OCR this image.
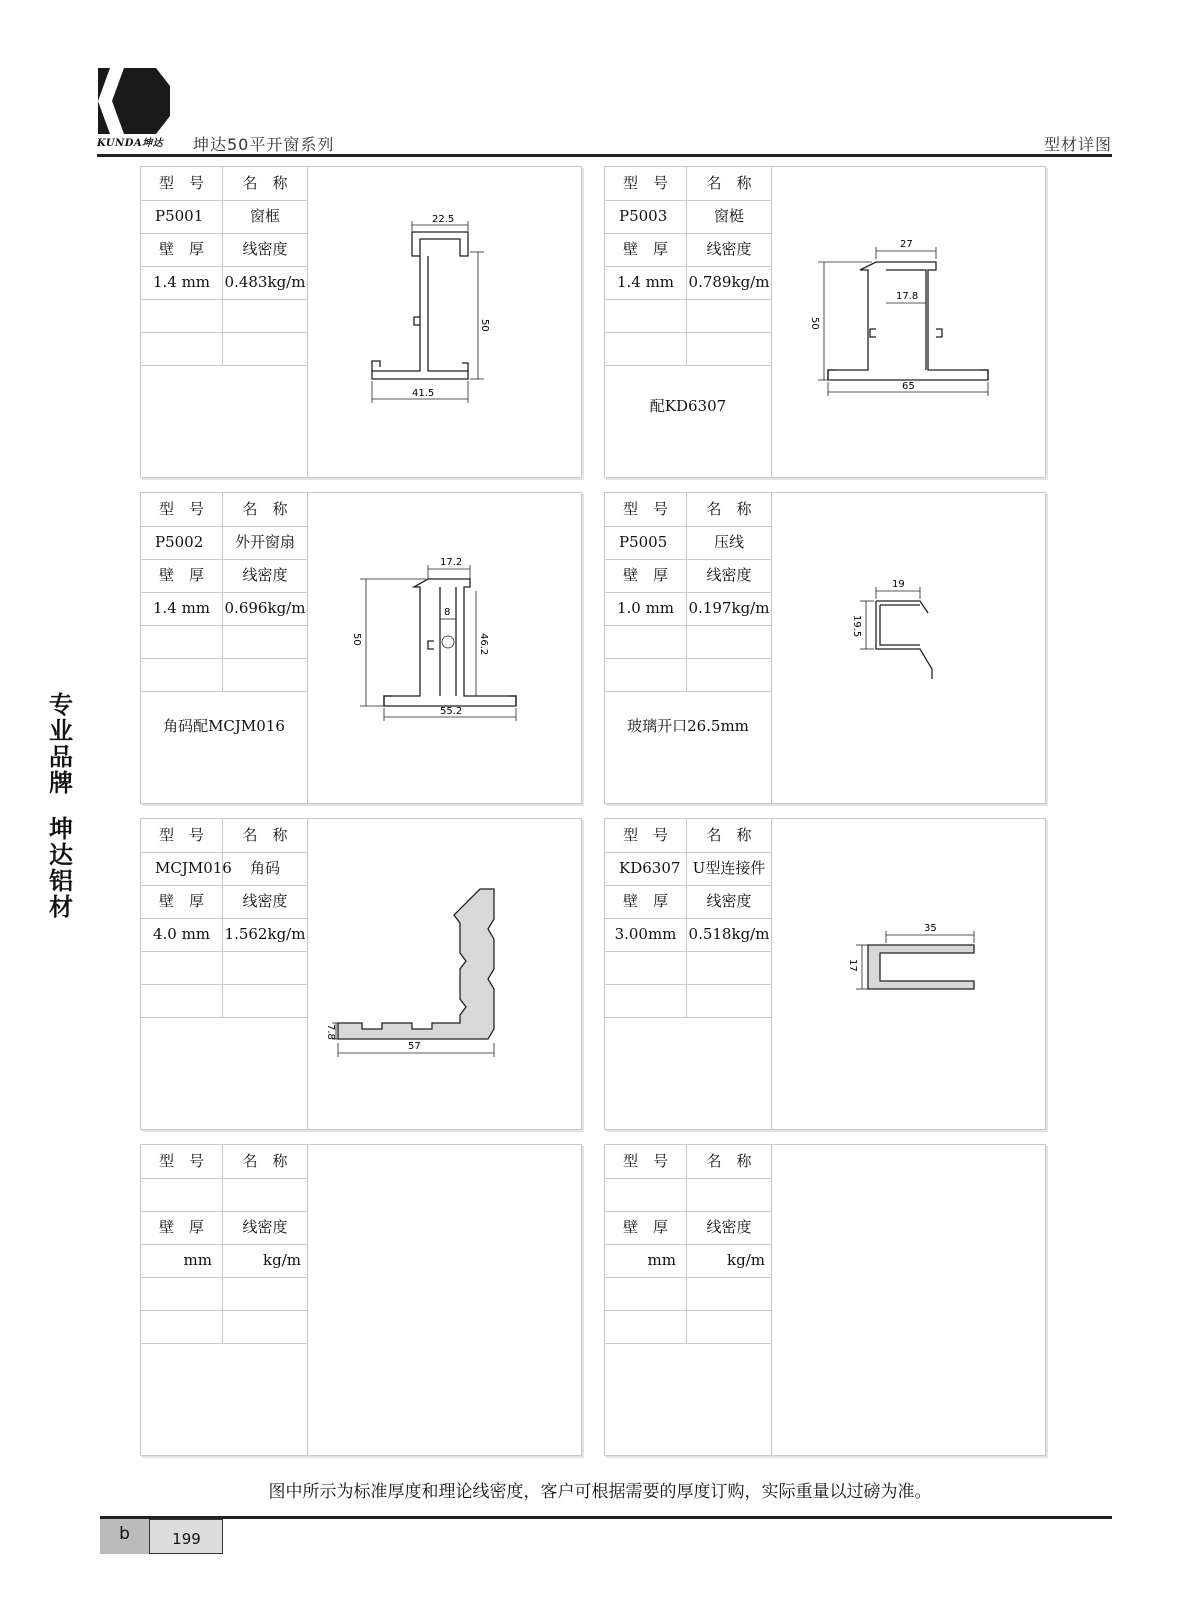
KUNDA坤达 坤达50平开窗系列	型材详图
专
业
品
牌
坤
达
铝
材
型　号	名　称
P5001	窗框
壁　厚	线密度
1.4 mm 0.483kg/m
22.5
50
41.5
型　号	名　称
P5003	窗梃
壁　厚	线密度
1.4 mm 0.789kg/m
配KD6307
27
17.8
50
65
型　号	名　称
P5002	外开窗扇
壁　厚	线密度
1.4 mm 0.696kg/m
角码配MCJM016
17.2
8
50	46.2
55.2
型　号	名　称
P5005	压线
壁　厚	线密度
1.0 mm 0.197kg/m
玻璃开口26.5mm
19
19.5
型　号	名　称
MCJM016	角码
壁　厚	线密度
4.0 mm 1.562kg/m
7.8
57
型　号	名　称
KD6307 U型连接件
壁　厚	线密度
3.00mm 0.518kg/m	35
17
型　号	名　称
壁　厚	线密度
mm	kg/m
型　号	名　称
壁　厚	线密度
mm	kg/m
图中所示为标准厚度和理论线密度，客户可根据需要的厚度订购，实际重量以过磅为准。
b	199
